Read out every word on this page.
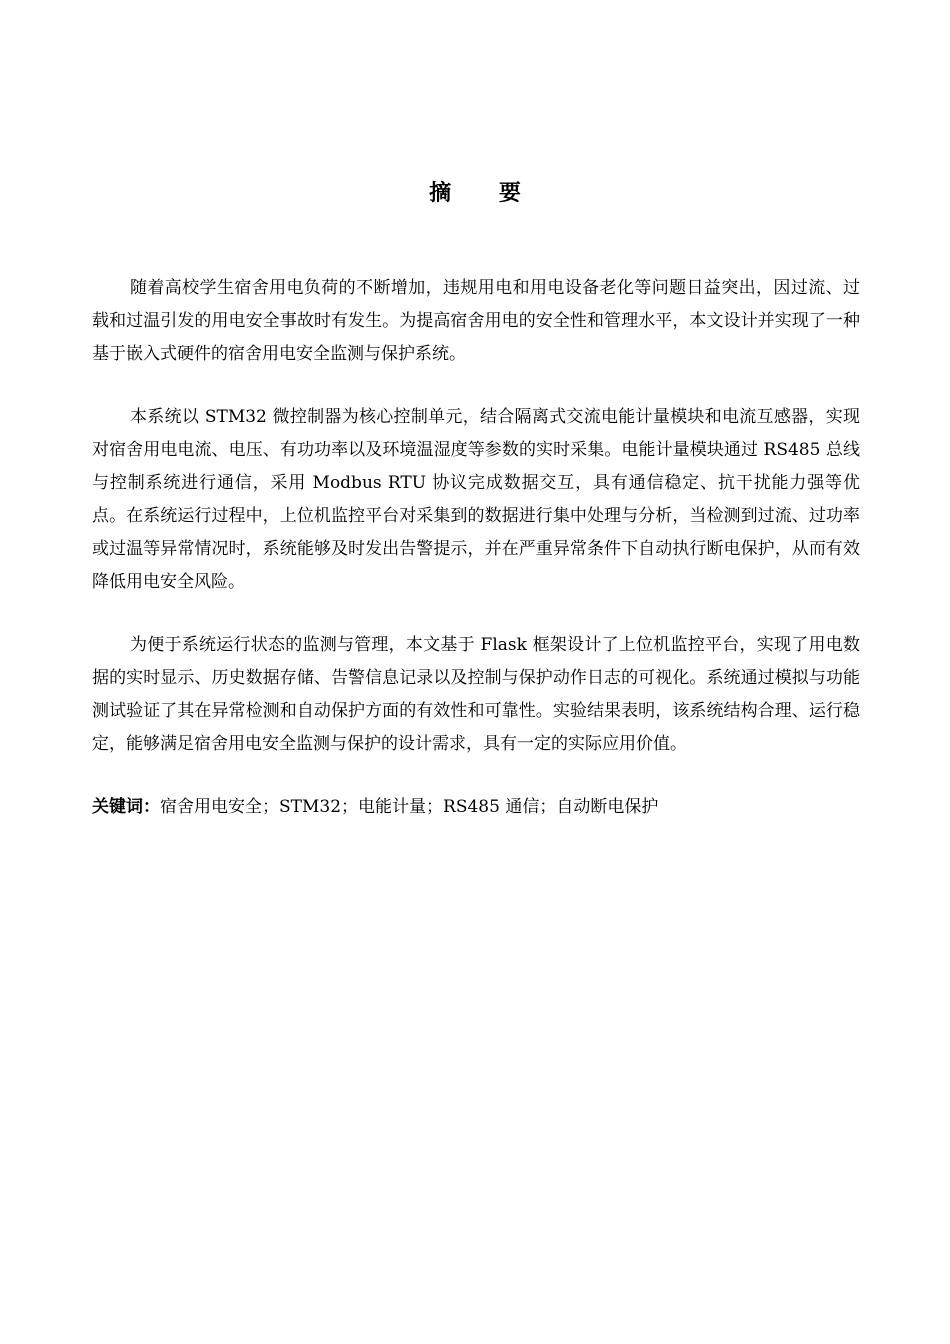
摘 要

随着高校学生宿舍用电负荷的不断增加，违规用电和用电设备老化等问题日益突出，因过流、过载和过温引发的用电安全事故时有发生。为提高宿舍用电的安全性和管理水平，本文设计并实现了一种基于嵌入式硬件的宿舍用电安全监测与保护系统。

本系统以 STM32 微控制器为核心控制单元，结合隔离式交流电能计量模块和电流互感器，实现对宿舍用电电流、电压、有功功率以及环境温湿度等参数的实时采集。电能计量模块通过 RS485 总线与控制系统进行通信，采用 Modbus RTU 协议完成数据交互，具有通信稳定、抗干扰能力强等优点。在系统运行过程中，上位机监控平台对采集到的数据进行集中处理与分析，当检测到过流、过功率或过温等异常情况时，系统能够及时发出告警提示，并在严重异常条件下自动执行断电保护，从而有效降低用电安全风险。

为便于系统运行状态的监测与管理，本文基于 Flask 框架设计了上位机监控平台，实现了用电数据的实时显示、历史数据存储、告警信息记录以及控制与保护动作日志的可视化。系统通过模拟与功能测试验证了其在异常检测和自动保护方面的有效性和可靠性。实验结果表明，该系统结构合理、运行稳定，能够满足宿舍用电安全监测与保护的设计需求，具有一定的实际应用价值。

关键词：宿舍用电安全；STM32；电能计量；RS485 通信；自动断电保护
